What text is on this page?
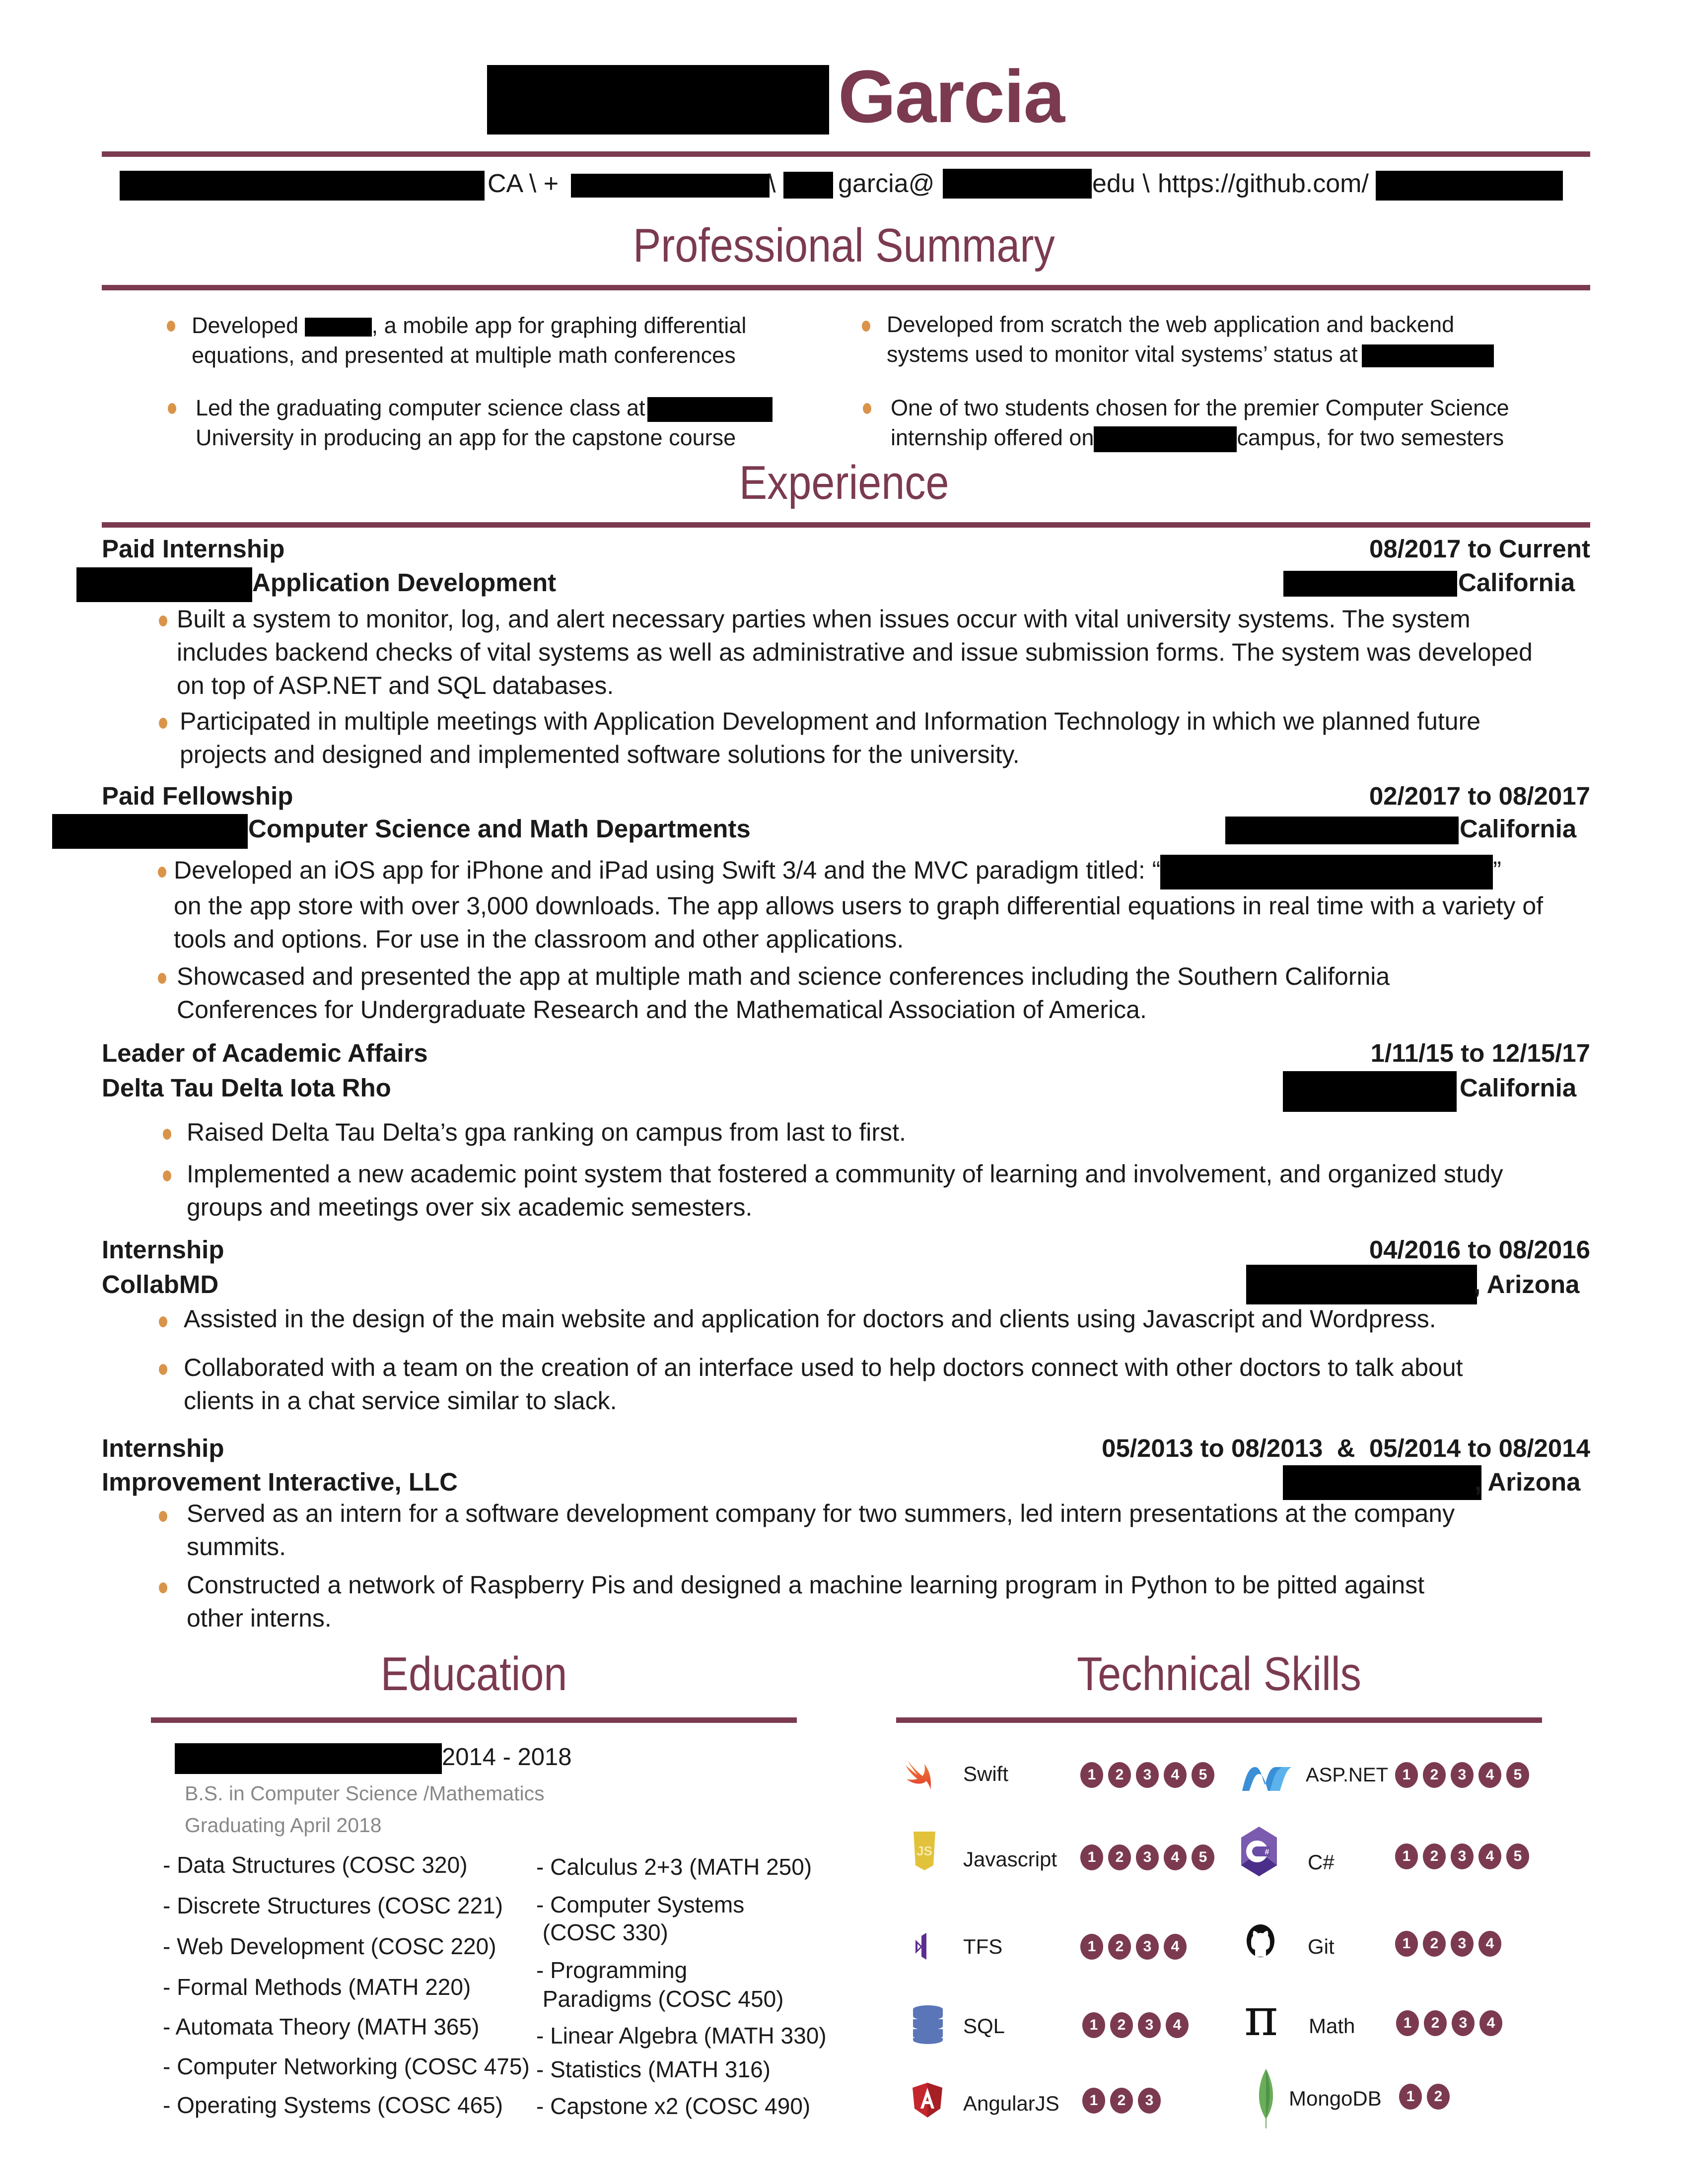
Garcia
CA \ +	\ garcia@	edu \ https://github.com/
Professional Summary
Developed	, a mobile app for graphing differential
equations, and presented at multiple math conferences
Developed from scratch the web application and backend
systems used to monitor vital systems’ status at
Led the graduating computer science class at
University in producing an app for the capstone course
One of two students chosen for the premier Computer Science
internship offered on	campus, for two semesters
Experience
Paid Internship	08/2017 to Current
Application Development	California
Built a system to monitor, log, and alert necessary parties when issues occur with vital university systems. The system includes backend checks of vital systems as well as administrative and issue submission forms. The system was developed on top of ASP.NET and SQL databases.
Participated in multiple meetings with Application Development and Information Technology in which we planned future projects and designed and implemented software solutions for the university.
Paid Fellowship	02/2017 to 08/2017
Computer Science and Math Departments	California
Developed an iOS app for iPhone and iPad using Swift 3/4 and the MVC paradigm titled: “	”
on the app store with over 3,000 downloads. The app allows users to graph differential equations in real time with a variety of tools and options. For use in the classroom and other applications.
Showcased and presented the app at multiple math and science conferences including the Southern California Conferences for Undergraduate Research and the Mathematical Association of America.
Leader of Academic Affairs	1/11/15 to 12/15/17
Delta Tau Delta Iota Rho	California
Raised Delta Tau Delta’s gpa ranking on campus from last to first.
Implemented a new academic point system that fostered a community of learning and involvement, and organized study groups and meetings over six academic semesters.
Internship	04/2016 to 08/2016
CollabMD	, Arizona
Assisted in the design of the main website and application for doctors and clients using Javascript and Wordpress.
Collaborated with a team on the creation of an interface used to help doctors connect with other doctors to talk about clients in a chat service similar to slack.
Internship	05/2013 to 08/2013  &  05/2014 to 08/2014
Improvement Interactive, LLC	, Arizona
Served as an intern for a software development company for two summers, led intern presentations at the company summits.
Constructed a network of Raspberry Pis and designed a machine learning program in Python to be pitted against other interns.
Education
2014 - 2018
B.S. in Computer Science /Mathematics
Graduating April 2018
- Data Structures (COSC 320)
- Discrete Structures (COSC 221)
- Web Development (COSC 220)
- Formal Methods (MATH 220)
- Automata Theory (MATH 365)
- Computer Networking (COSC 475)
- Operating Systems (COSC 465)
- Calculus 2+3 (MATH 250)
- Computer Systems
(COSC 330)
- Programming
Paradigms (COSC 450)
- Linear Algebra (MATH 330)
- Statistics (MATH 316)
- Capstone x2 (COSC 490)
Technical Skills
Swift	1	2	3	4	5	ASP.NET 1	2	3	4	5
JS Javascript	1	2	3	4	5	# C#	1	2	3	4	5
TFS	1	2	3	4	Git	1	2	3	4
SQL	1	2	3	4 π Math	1	2	3	4
AngularJS	1	2	3	MongoDB	1	2
